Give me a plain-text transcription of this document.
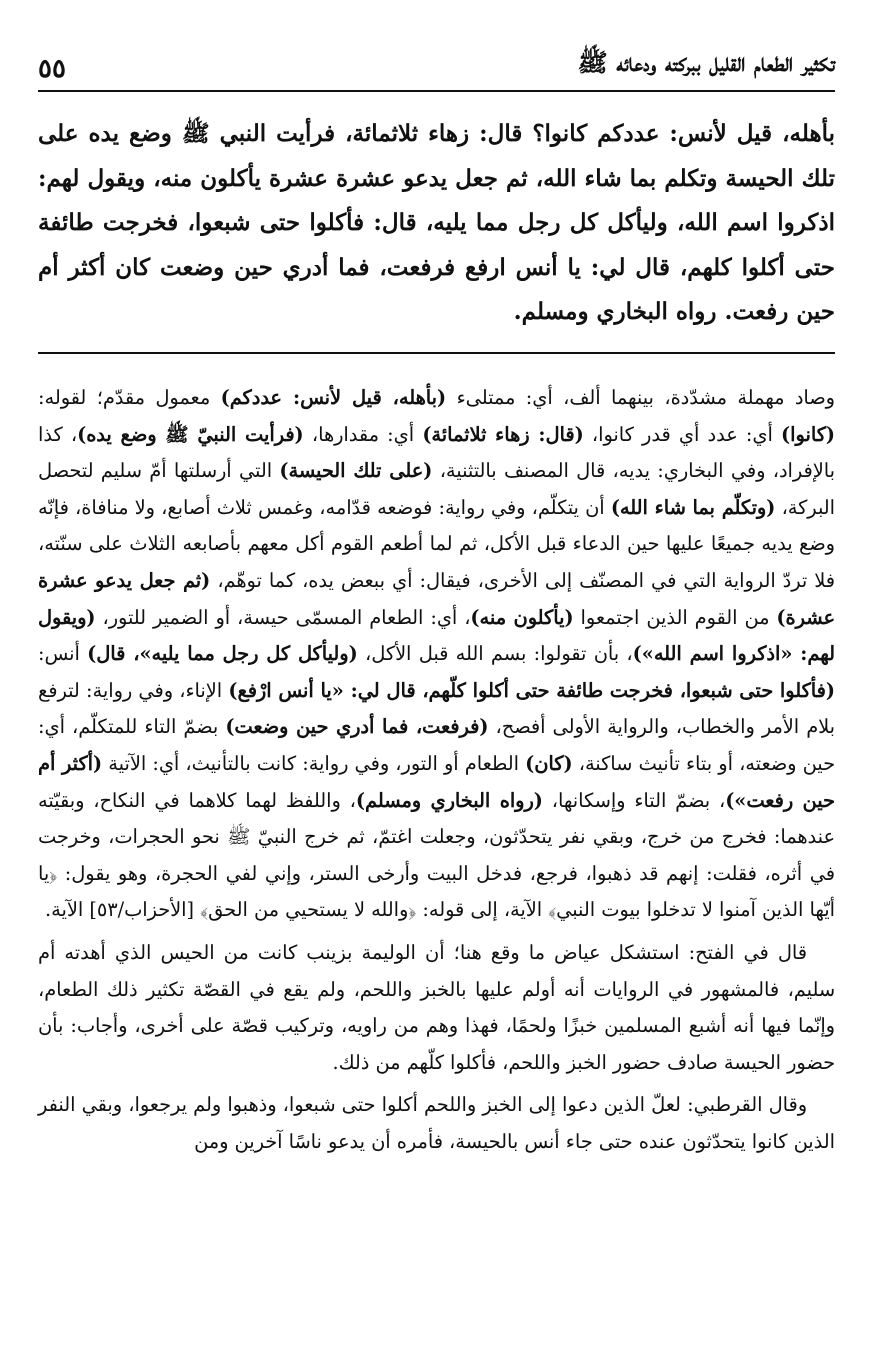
تكثير الطعام القليل ببركته ودعائه ﷺ
٥٥
بأهله، قيل لأنس: عددكم كانوا؟ قال: زهاء ثلاثمائة، فرأيت النبي ﷺ وضع يده على تلك الحيسة وتكلم بما شاء الله، ثم جعل يدعو عشرة عشرة يأكلون منه، ويقول لهم: اذكروا اسم الله، وليأكل كل رجل مما يليه، قال: فأكلوا حتى شبعوا، فخرجت طائفة حتى أكلوا كلهم، قال لي: يا أنس ارفع فرفعت، فما أدري حين وضعت كان أكثر أم حين رفعت. رواه البخاري ومسلم.

وصاد مهملة مشدّدة، بينهما ألف، أي: ممتلىء (بأهله، قيل لأنس: عددكم) معمول مقدّم؛ لقوله: (كانوا) أي: عدد أي قدر كانوا، (قال: زهاء ثلاثمائة) أي: مقدارها، (فرأيت النبيّ ﷺ وضع يده)، كذا بالإفراد، وفي البخاري: يديه، قال المصنف بالتثنية، (على تلك الحيسة) التي أرسلتها أمّ سليم لتحصل البركة، (وتكلّم بما شاء الله) أن يتكلّم، وفي رواية: فوضعه قدّامه، وغمس ثلاث أصابع، ولا منافاة، فإنّه وضع يديه جميعًا عليها حين الدعاء قبل الأكل، ثم لما أطعم القوم أكل معهم بأصابعه الثلاث على سنّته، فلا تردّ الرواية التي في المصنّف إلى الأخرى، فيقال: أي ببعض يده، كما توهّم، (ثم جعل يدعو عشرة عشرة) من القوم الذين اجتمعوا (يأكلون منه)، أي: الطعام المسمّى حيسة، أو الضمير للتور، (ويقول لهم: «اذكروا اسم الله»)، بأن تقولوا: بسم الله قبل الأكل، (وليأكل كل رجل مما يليه»، قال) أنس: (فأكلوا حتى شبعوا، فخرجت طائفة حتى أكلوا كلّهم، قال لي: «يا أنس ارْفع) الإناء، وفي رواية: لترفع بلام الأمر والخطاب، والرواية الأولى أفصح، (فرفعت، فما أدري حين وضعت) بضمّ التاء للمتكلّم، أي: حين وضعته، أو بتاء تأنيث ساكنة، (كان) الطعام أو التور، وفي رواية: كانت بالتأنيث، أي: الآتية (أكثر أم حين رفعت»)، بضمّ التاء وإسكانها، (رواه البخاري ومسلم)، واللفظ لهما كلاهما في النكاح، وبقيّته عندهما: فخرج من خرج، وبقي نفر يتحدّثون، وجعلت اغتمّ، ثم خرج النبيّ ﷺ نحو الحجرات، وخرجت في أثره، فقلت: إنهم قد ذهبوا، فرجع، فدخل البيت وأرخى الستر، وإني لفي الحجرة، وهو يقول: ﴿يا أيّها الذين آمنوا لا تدخلوا بيوت النبي﴾ الآية، إلى قوله: ﴿والله لا يستحيي من الحق﴾ [الأحزاب/٥٣] الآية.

قال في الفتح: استشكل عياض ما وقع هنا؛ أن الوليمة بزينب كانت من الحيس الذي أهدته أم سليم، فالمشهور في الروايات أنه أولم عليها بالخبز واللحم، ولم يقع في القصّة تكثير ذلك الطعام، وإنّما فيها أنه أشبع المسلمين خبزًا ولحمًا، فهذا وهم من راويه، وتركيب قصّة على أخرى، وأجاب: بأن حضور الحيسة صادف حضور الخبز واللحم، فأكلوا كلّهم من ذلك.

وقال القرطبي: لعلّ الذين دعوا إلى الخبز واللحم أكلوا حتى شبعوا، وذهبوا ولم يرجعوا، وبقي النفر الذين كانوا يتحدّثون عنده حتى جاء أنس بالحيسة، فأمره أن يدعو ناسًا آخرين ومن
